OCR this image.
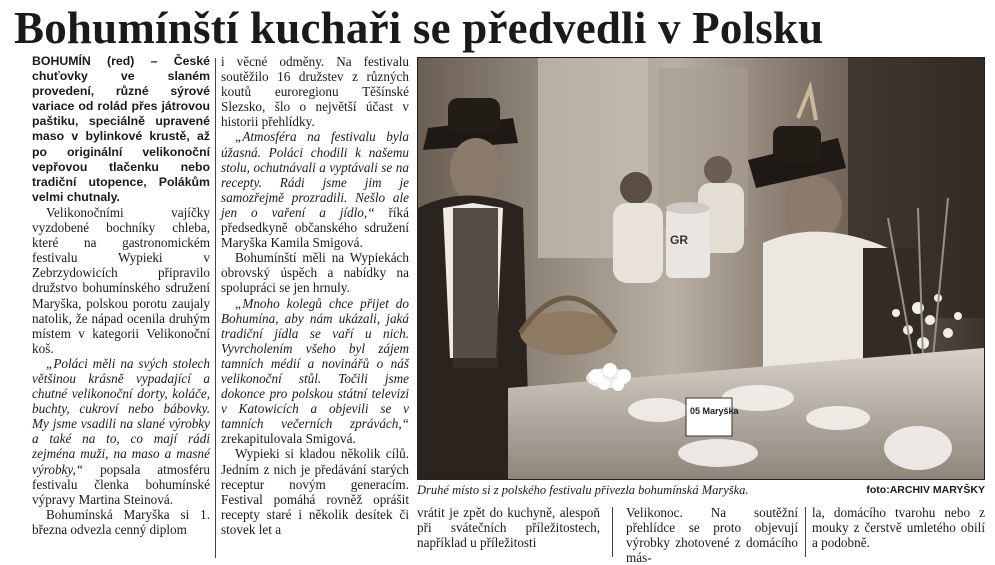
Bohumínští kuchaři se předvedli v Polsku

BOHUMÍN (red) – České chuťovky ve slaném provedení, různé sýrové variace od rolád přes játrovou paštiku, speciálně upravené maso v bylinkové krustě, až po originální velikonoční vepřovou tlačenku nebo tradiční utopence, Polákům velmi chutnaly.

Velikonočními vajíčky vyzdobené bochníky chleba, které na gastronomickém festivalu Wypieki v Zebrzydowicích připravilo družstvo bohumínského sdružení Maryška, polskou porotu zaujaly natolik, že nápad ocenila druhým místem v kategorii Velikonoční koš.

„Poláci měli na svých stolech většinou krásně vypadající a chutné velikonoční dorty, koláče, buchty, cukroví nebo bábovky. My jsme vsadili na slané výrobky a také na to, co mají rádi zejména muži, na maso a masné výrobky,“ popsala atmosféru festivalu členka bohumínské výpravy Martina Steinová.

Bohumínská Maryška si 1. března odvezla cenný diplom

i věcné odměny. Na festivalu soutěžilo 16 družstev z různých koutů euroregionu Těšínské Slezsko, šlo o největší účast v historii přehlídky.

„Atmosféra na festivalu byla úžasná. Poláci chodili k našemu stolu, ochutnávali a vyptávali se na recepty. Rádi jsme jim je samozřejmě prozradili. Nešlo ale jen o vaření a jídlo,“ říká předsedkyně občanského sdružení Maryška Kamila Smigová.

Bohumínští měli na Wypiekách obrovský úspěch a nabídky na spolupráci se jen hrnuly.

„Mnoho kolegů chce přijet do Bohumína, aby nám ukázali, jaká tradiční jídla se vaří u nich. Vyvrcholením všeho byl zájem tamních médií a novinářů o náš velikonoční stůl. Točili jsme dokonce pro polskou státní televizi v Katowicích a objevili se v tamních večerních zprávách,“ zrekapitulovala Smigová.

Wypieki si kladou několik cílů. Jedním z nich je předávání starých receptur novým generacím. Festival pomáhá rovněž oprášit recepty staré i několik desítek či stovek let a

GR
05 Maryška

Druhé místo si z polského festivalu přivezla bohumínská Maryška.	foto:ARCHIV MARYŠKY

vrátit je zpět do kuchyně, alespoň při svátečních příležitostech, například u příležitosti

Velikonoc. Na soutěžní přehlídce se proto objevují výrobky zhotovené z domácího más-

la, domácího tvarohu nebo z mouky z čerstvě umletého obilí a podobně.
